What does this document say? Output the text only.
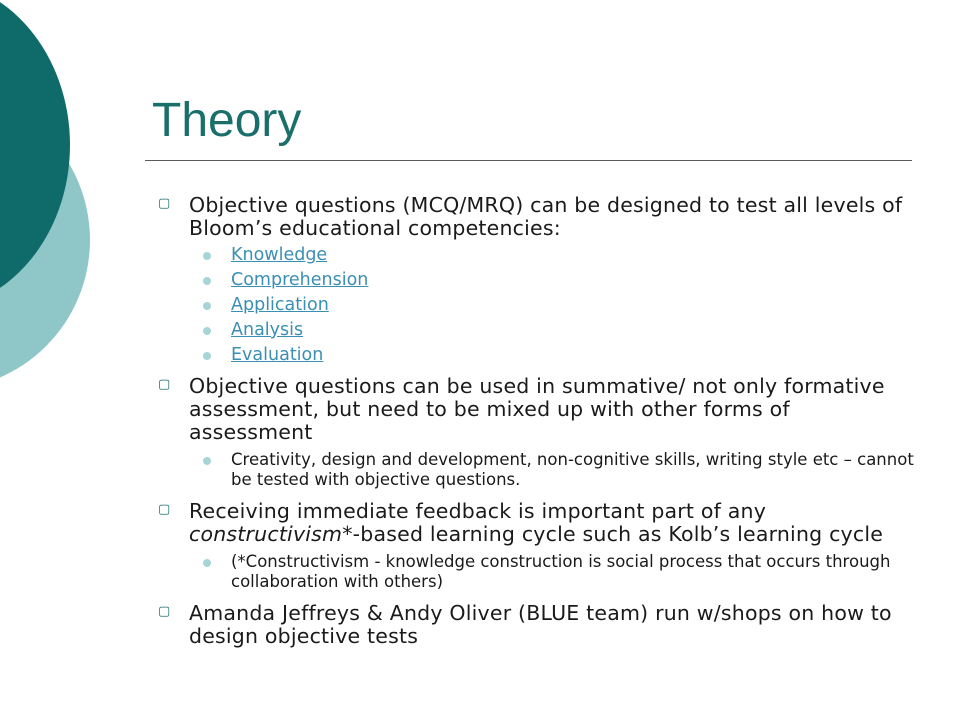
Theory
▢
Objective questions (MCQ/MRQ) can be designed to test all levels of Bloom’s educational competencies:
Knowledge
Comprehension
Application
Analysis
Evaluation
▢
Objective questions can be used in summative/ not only formative assessment, but need to be mixed up with other forms of assessment
Creativity, design and development, non-cognitive skills, writing style etc – cannot be tested with objective questions.
▢
Receiving immediate feedback is important part of any constructivism*-based learning cycle such as Kolb’s learning cycle
(*Constructivism - knowledge construction is social process that occurs through collaboration with others)
▢
Amanda Jeffreys & Andy Oliver (BLUE team) run w/shops on how to design objective tests
